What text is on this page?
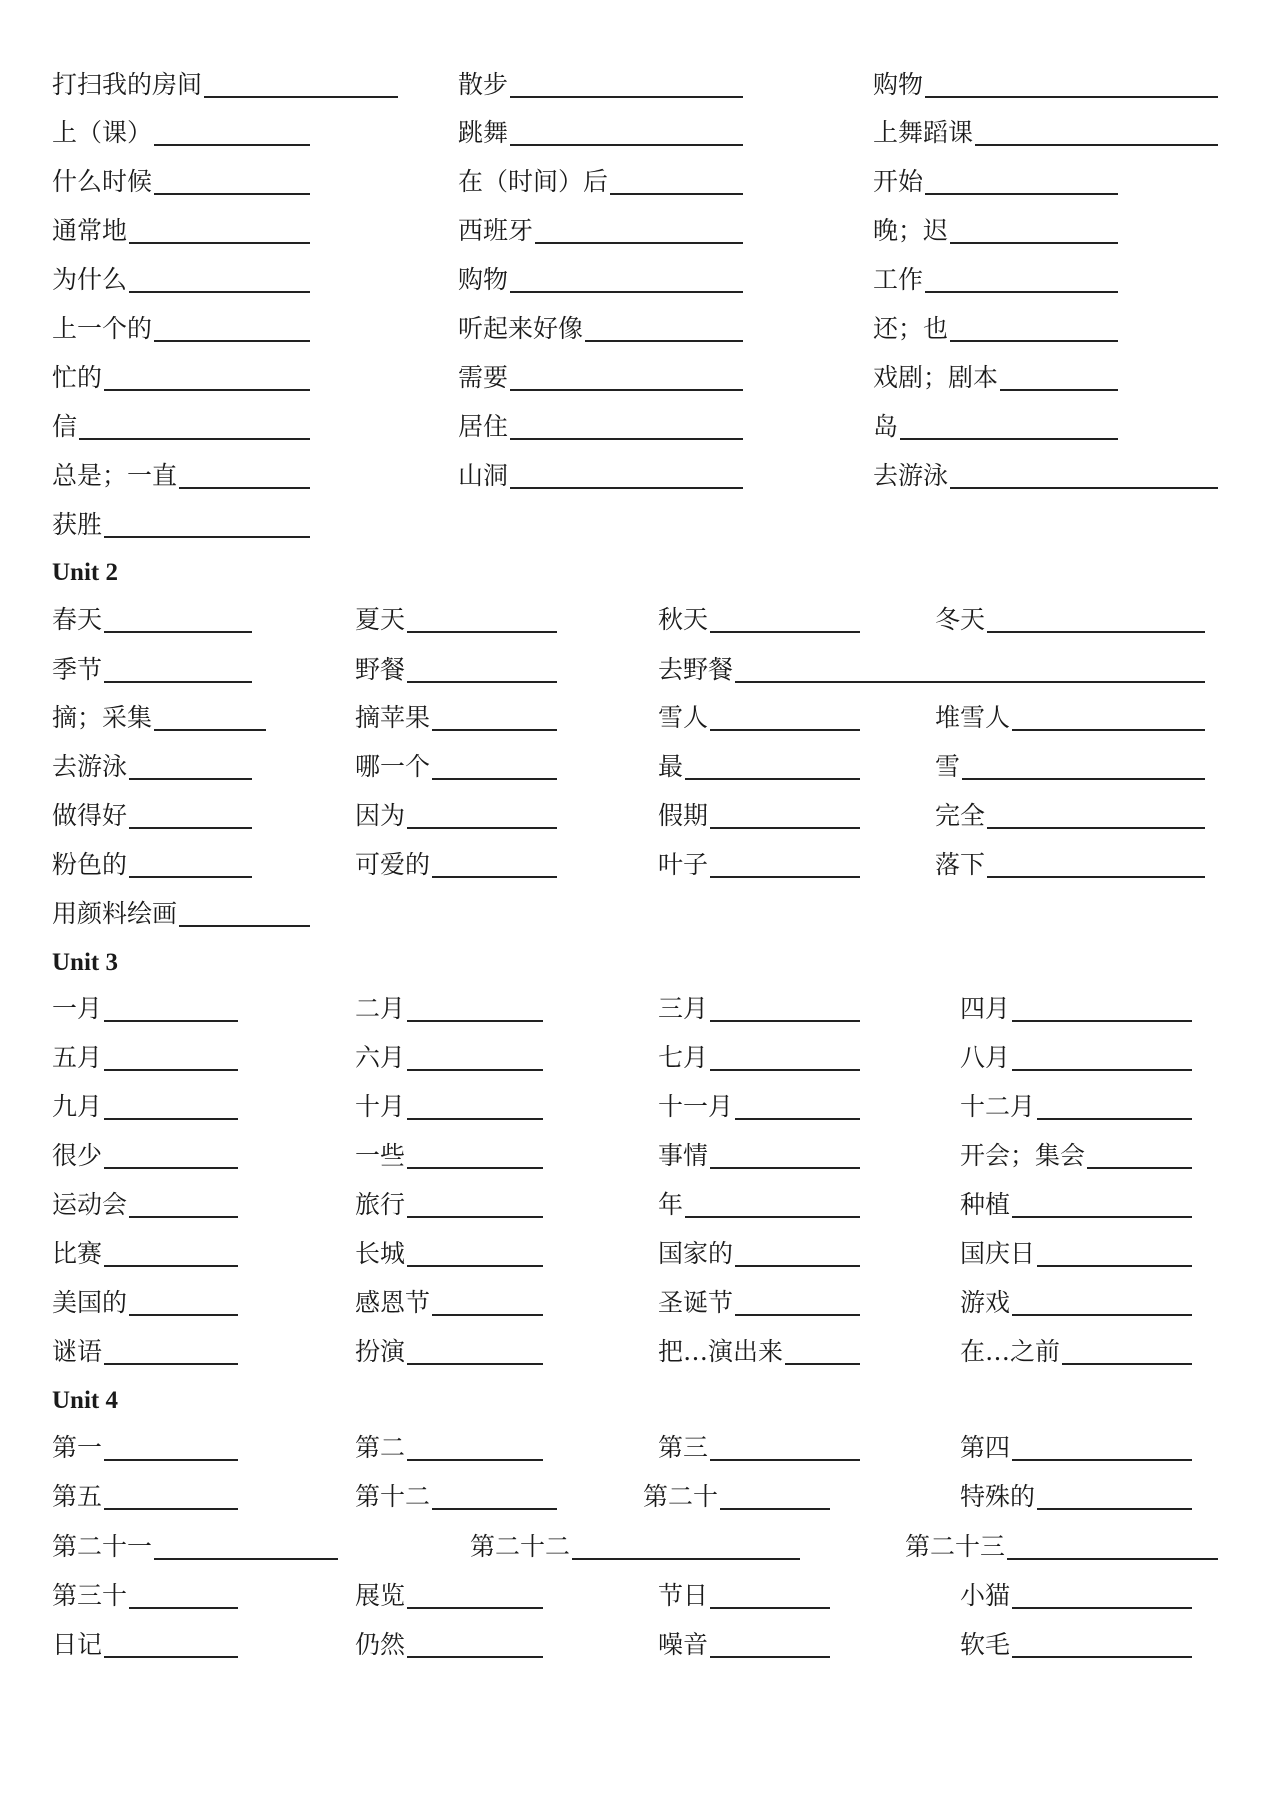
打扫我的房间	散步	购物
上（课）	跳舞	上舞蹈课
什么时候	在（时间）后	开始
通常地	西班牙	晚；迟
为什么	购物	工作
上一个的	听起来好像	还；也
忙的	需要	戏剧；剧本
信	居住	岛
总是；一直	山洞	去游泳
获胜
Unit 2
春天	夏天	秋天	冬天
季节	野餐	去野餐
摘；采集	摘苹果	雪人	堆雪人
去游泳	哪一个	最	雪
做得好	因为	假期	完全
粉色的	可爱的	叶子	落下
用颜料绘画
Unit 3
一月	二月	三月	四月
五月	六月	七月	八月
九月	十月	十一月	十二月
很少	一些	事情	开会；集会
运动会	旅行	年	种植
比赛	长城	国家的	国庆日
美国的	感恩节	圣诞节	游戏
谜语	扮演	把…演出来	在…之前
Unit 4
第一	第二	第三	第四
第五	第十二	第二十	特殊的
第二十一	第二十二	第二十三
第三十	展览	节日	小猫
日记	仍然	噪音	软毛
